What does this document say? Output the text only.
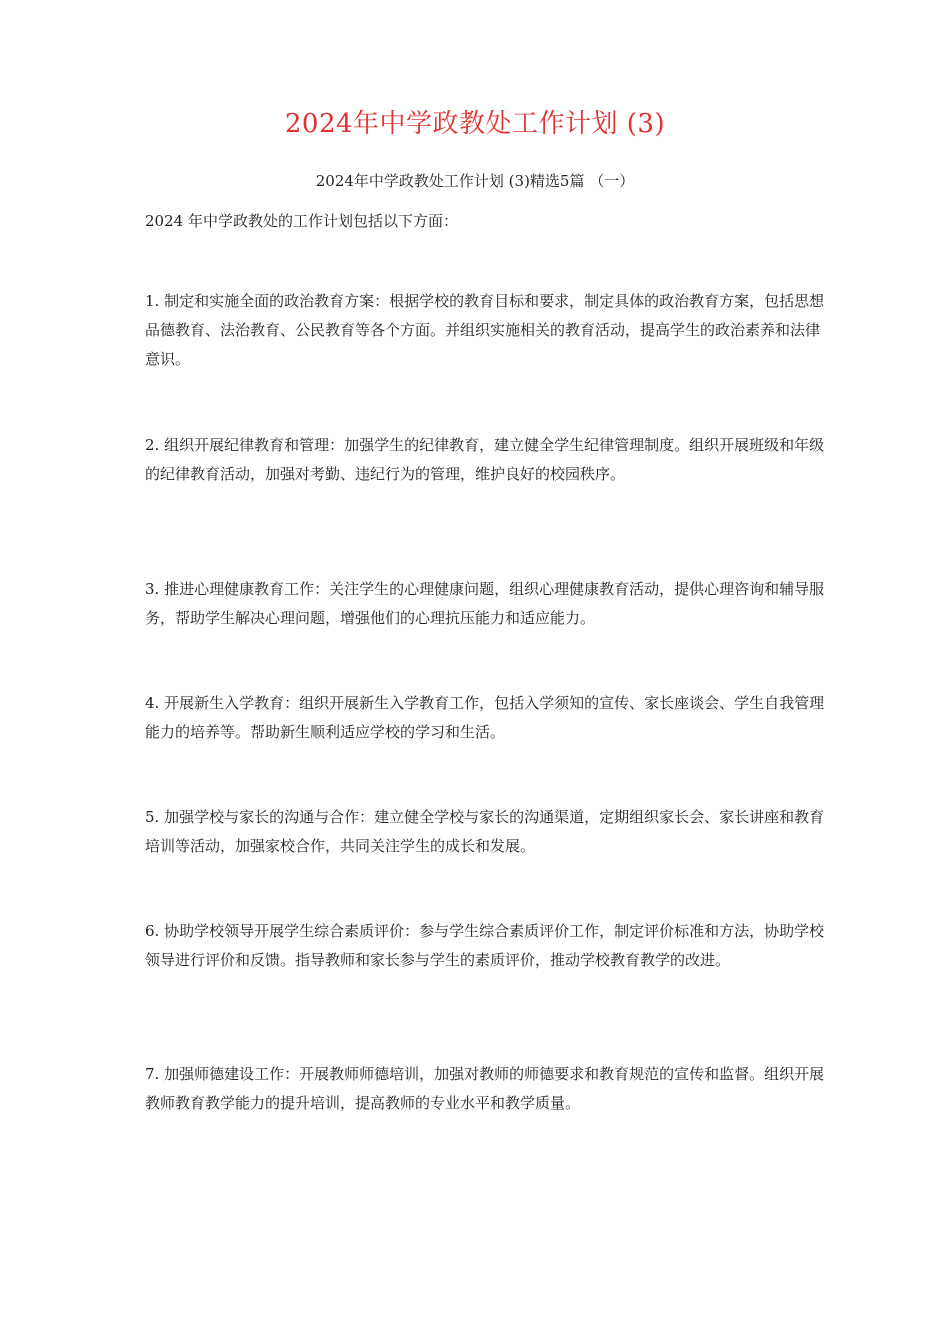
2024年中学政教处工作计划 (3)
2024年中学政教处工作计划 (3)精选5篇 （一）
2024 年中学政教处的工作计划包括以下方面：
1. 制定和实施全面的政治教育方案：根据学校的教育目标和要求，制定具体的政治教育方案，包括思想品德教育、法治教育、公民教育等各个方面。并组织实施相关的教育活动，提高学生的政治素养和法律意识。
2. 组织开展纪律教育和管理：加强学生的纪律教育，建立健全学生纪律管理制度。组织开展班级和年级的纪律教育活动，加强对考勤、违纪行为的管理，维护良好的校园秩序。
3. 推进心理健康教育工作：关注学生的心理健康问题，组织心理健康教育活动，提供心理咨询和辅导服务，帮助学生解决心理问题，增强他们的心理抗压能力和适应能力。
4. 开展新生入学教育：组织开展新生入学教育工作，包括入学须知的宣传、家长座谈会、学生自我管理能力的培养等。帮助新生顺利适应学校的学习和生活。
5. 加强学校与家长的沟通与合作：建立健全学校与家长的沟通渠道，定期组织家长会、家长讲座和教育培训等活动，加强家校合作，共同关注学生的成长和发展。
6. 协助学校领导开展学生综合素质评价：参与学生综合素质评价工作，制定评价标准和方法，协助学校领导进行评价和反馈。指导教师和家长参与学生的素质评价，推动学校教育教学的改进。
7. 加强师德建设工作：开展教师师德培训，加强对教师的师德要求和教育规范的宣传和监督。组织开展教师教育教学能力的提升培训，提高教师的专业水平和教学质量。
